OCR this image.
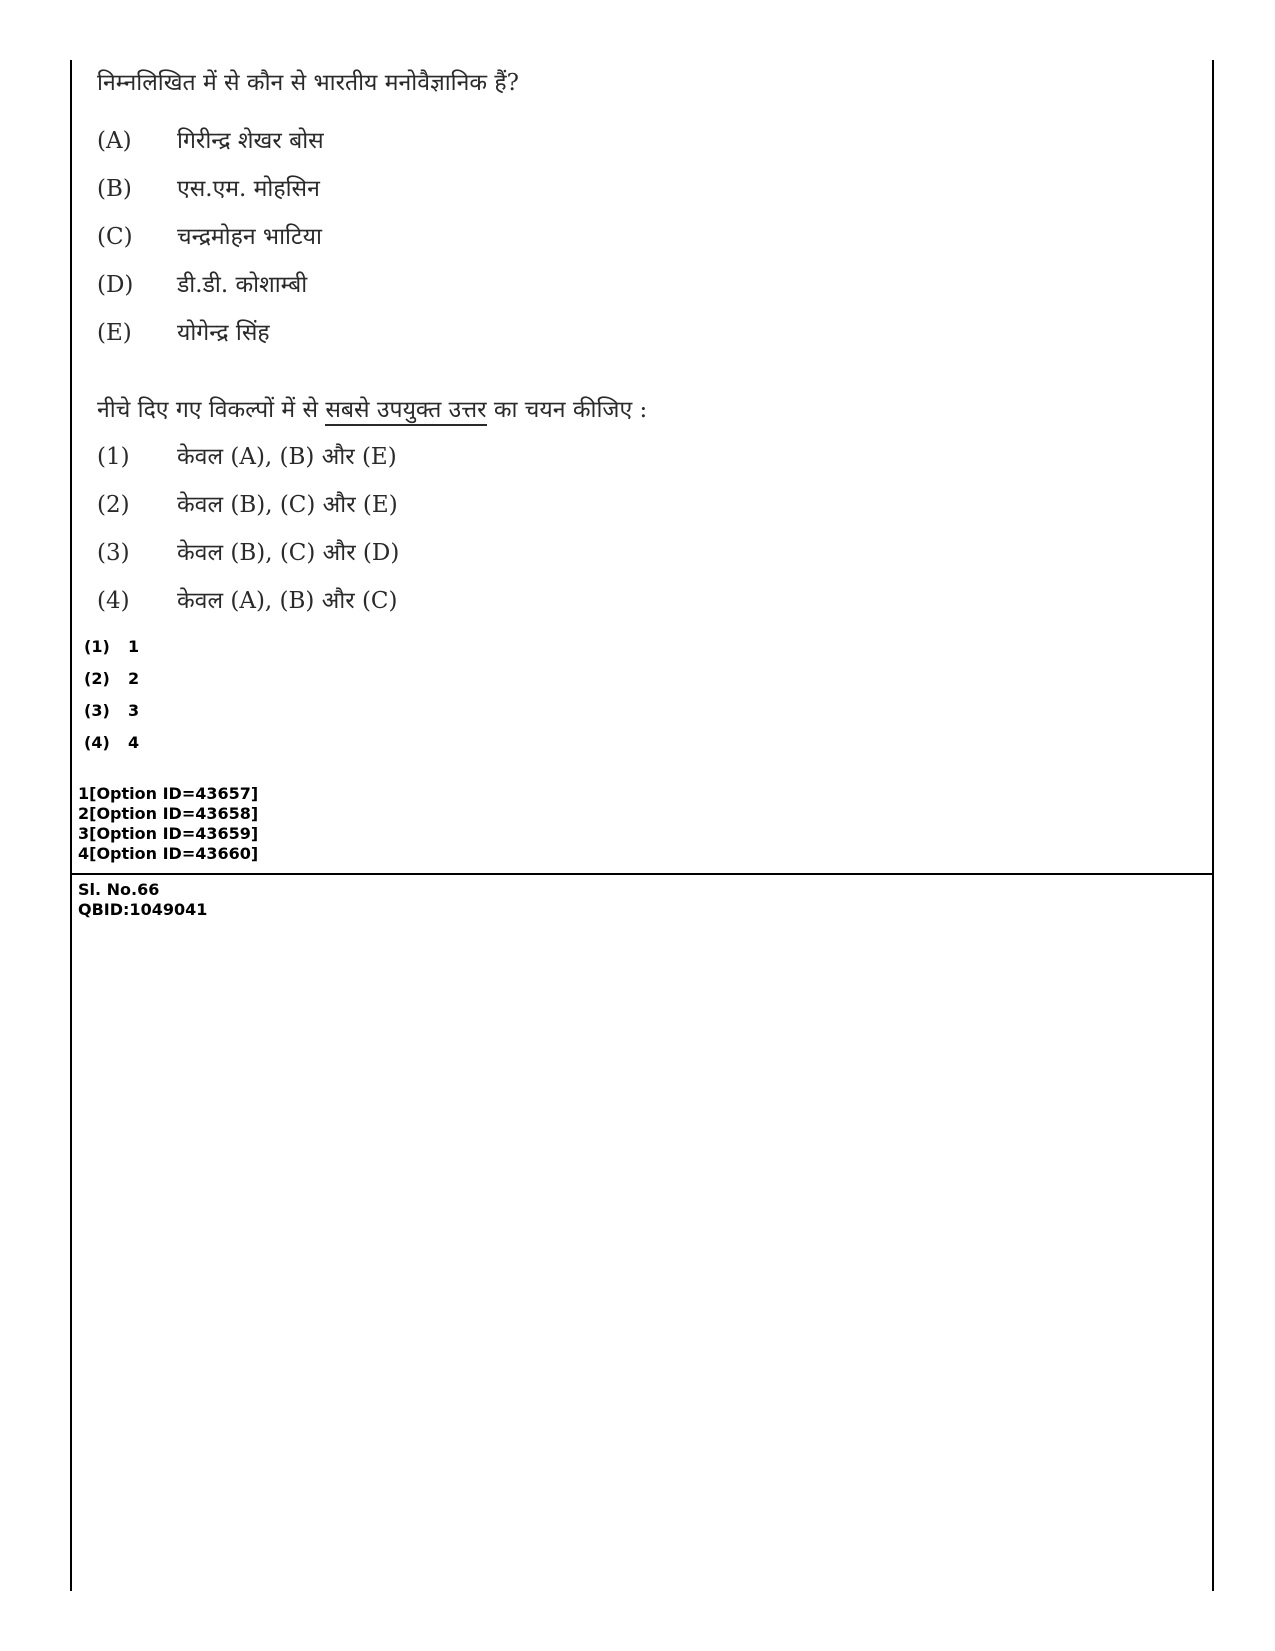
निम्नलिखित में से कौन से भारतीय मनोवैज्ञानिक हैं?
(A)	गिरीन्द्र शेखर बोस
(B)	एस.एम. मोहसिन
(C)	चन्द्रमोहन भाटिया
(D)	डी.डी. कोशाम्बी
(E)	योगेन्द्र सिंह
नीचे दिए गए विकल्पों में से सबसे उपयुक्त उत्तर का चयन कीजिए :
(1)	केवल (A), (B) और (E)
(2)	केवल (B), (C) और (E)
(3)	केवल (B), (C) और (D)
(4)	केवल (A), (B) और (C)
(1) 1
(2) 2
(3) 3
(4) 4
1[Option ID=43657]
2[Option ID=43658]
3[Option ID=43659]
4[Option ID=43660]
Sl. No.66
QBID:1049041
